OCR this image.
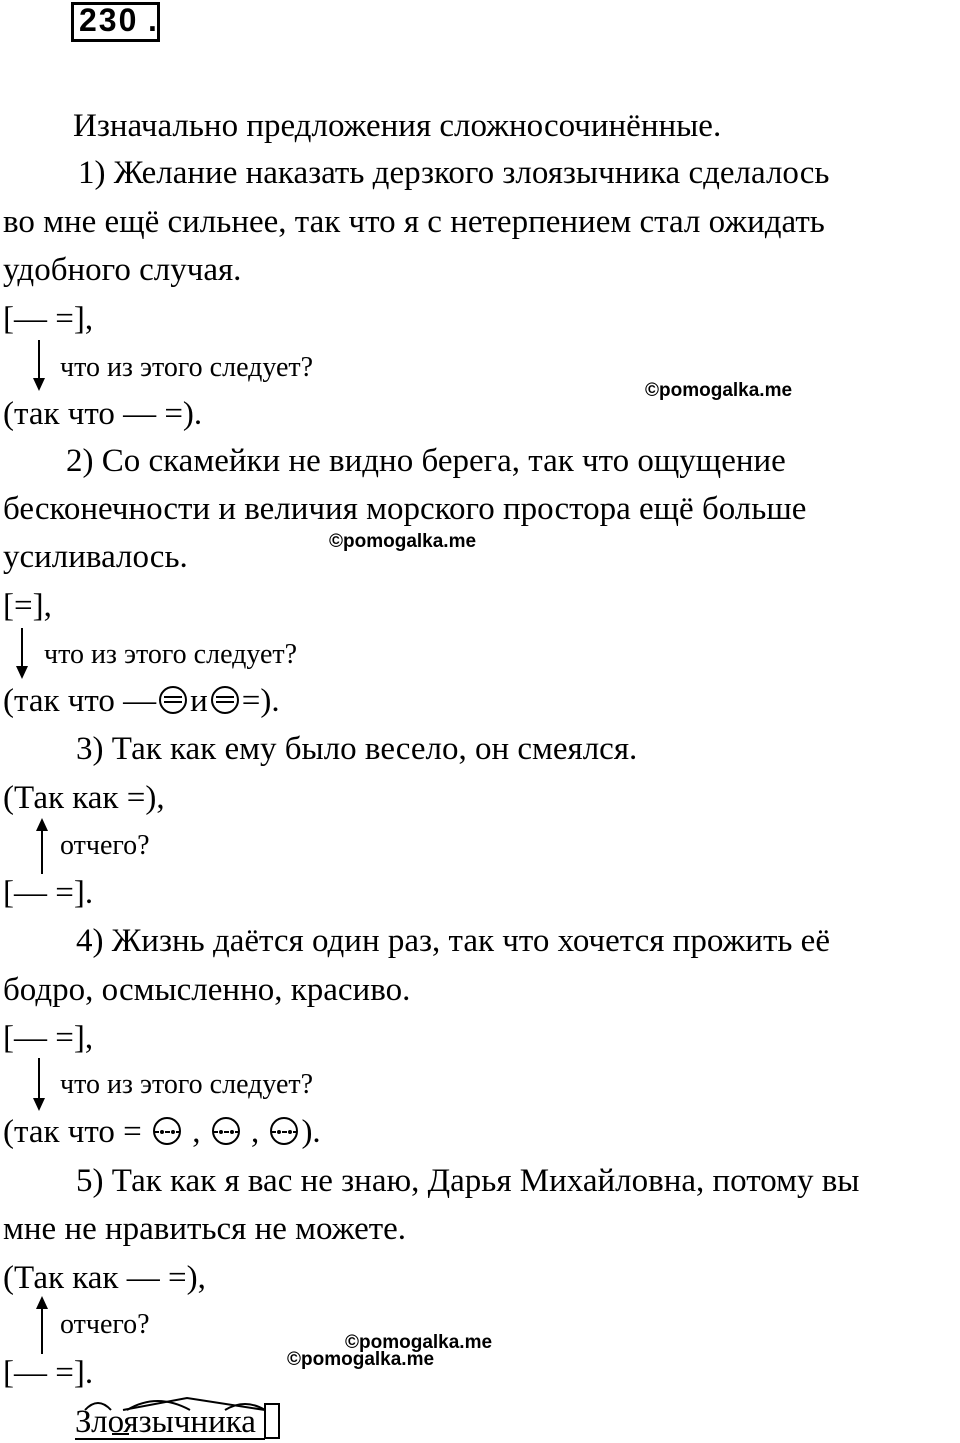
230 .
Изначально предложения сложносочинённые.
1) Желание наказать дерзкого злоязычника сделалось
во мне ещё сильнее, так что я с нетерпением стал ожидать
удобного случая.
[— =],
что из этого следует?
©pomogalka.me
(так что — =).
2) Со скамейки не видно берега, так что ощущение
бесконечности и величия морского простора ещё больше
©pomogalka.me
усиливалось.
[=],
что из этого следует?
(так что — и =).
3) Так как ему было весело, он смеялся.
(Так как =),
отчего?
[— =].
4) Жизнь даётся один раз, так что хочется прожить её
бодро, осмысленно, красиво.
[— =],
что из этого следует?
(так что = , , ).
5) Так как я вас не знаю, Дарья Михайловна, потому вы
мне не нравиться не можете.
(Так как — =),
отчего?
©pomogalka.me
©pomogalka.me
[— =].
Злоязычника
